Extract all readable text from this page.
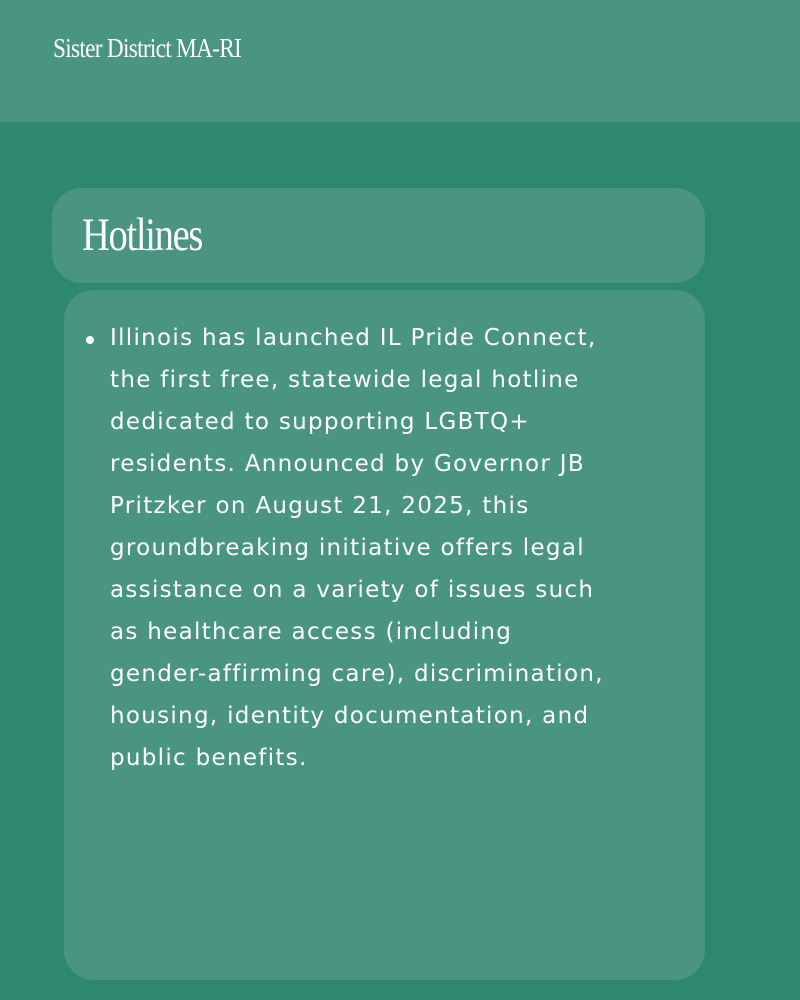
Sister District MA-RI
Hotlines
Illinois has launched IL Pride Connect,
the first free, statewide legal hotline
dedicated to supporting LGBTQ+
residents. Announced by Governor JB
Pritzker on August 21, 2025, this
groundbreaking initiative offers legal
assistance on a variety of issues such
as healthcare access (including
gender-affirming care), discrimination,
housing, identity documentation, and
public benefits.
